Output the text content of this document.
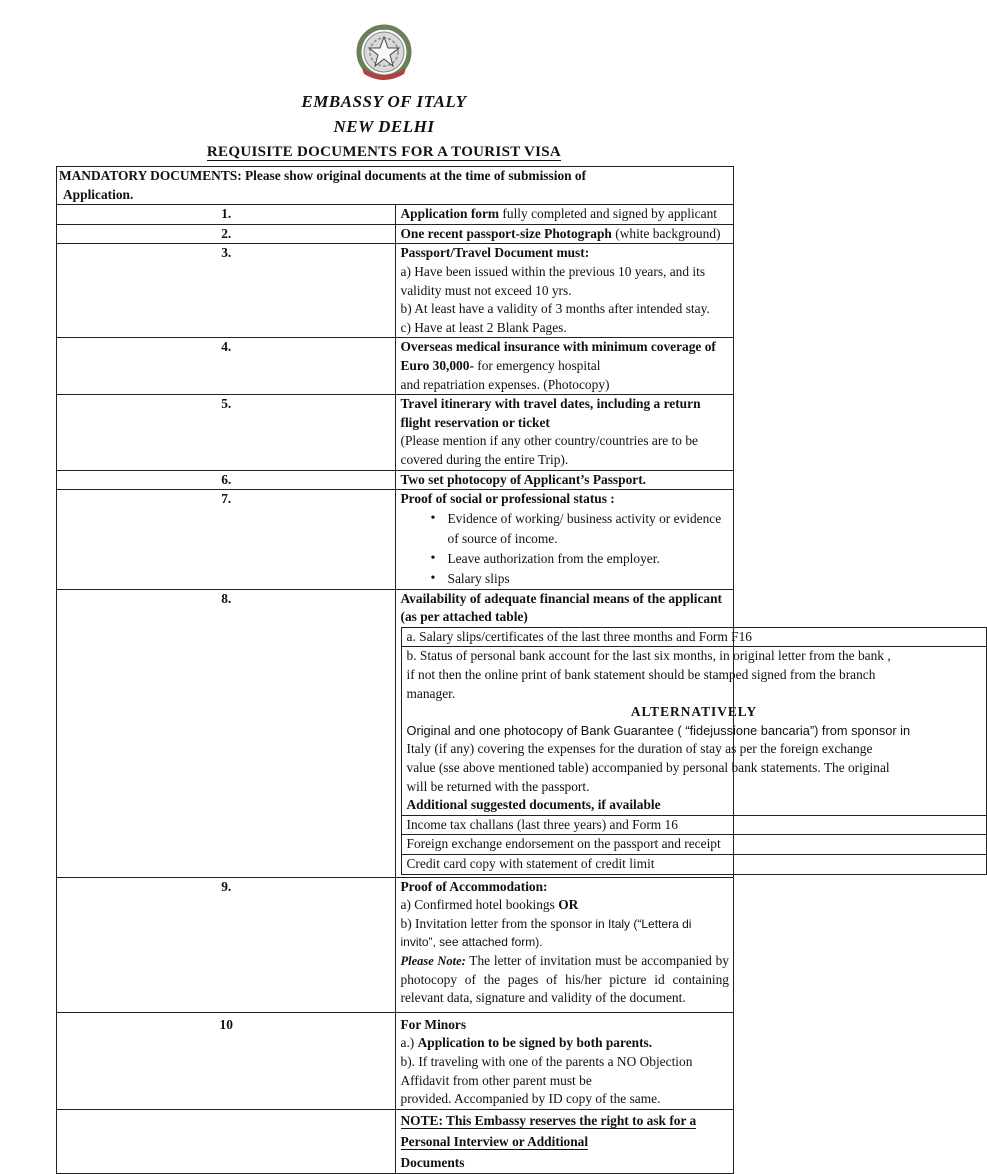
EMBASSY OF ITALY
NEW DELHI
REQUISITE DOCUMENTS FOR A TOURIST VISA
MANDATORY DOCUMENTS: Please show original documents at the time of submission of
Application.
1.	Application form fully completed and signed by applicant
2.	One recent passport-size Photograph (white background)
3.	Passport/Travel Document must:
a) Have been issued within the previous 10 years, and its validity must not exceed 10 yrs.
b) At least have a validity of 3 months after intended stay.
c) Have at least 2 Blank Pages.

4.	Overseas medical insurance with minimum coverage of Euro 30,000- for emergency hospital
and repatriation expenses. (Photocopy)

5.	Travel itinerary with travel dates, including a return flight reservation or ticket
(Please mention if any other country/countries are to be covered during the entire Trip).

6.	Two set photocopy of Applicant’s Passport.
7.	Proof of social or professional status :
• Evidence of working/ business activity or evidence of source of income.
• Leave authorization from the employer.
• Salary slips

8.	Availability of adequate financial means of the applicant (as per attached table)
a. Salary slips/certificates of the last three months and Form F16

b. Status of personal bank account for the last six months, in original letter from the bank ,
if not then the online print of bank statement should be stamped signed from the branch
manager.
ALTERNATIVELY
Original and one photocopy of Bank Guarantee ( “fidejussione bancaria”) from sponsor in
Italy (if any) covering the expenses for the duration of stay as per the foreign exchange
value (sse above mentioned table) accompanied by personal bank statements. The original
will be returned with the passport.
Additional suggested documents, if available

Income tax challans (last three years) and Form 16
Foreign exchange endorsement on the passport and receipt
Credit card copy with statement of credit limit

9.	Proof of Accommodation:
a) Confirmed hotel bookings OR
b) Invitation letter from the sponsor in Italy (“Lettera di invito”, see attached form).
Please Note: The letter of invitation must be accompanied by photocopy of the pages of his/her picture id containing relevant data, signature and validity of the document.

10	For Minors
a.) Application to be signed by both parents.
b). If traveling with one of the parents a NO Objection Affidavit from other parent must be
provided. Accompanied by ID copy of the same.

NOTE: This Embassy reserves the right to ask for a Personal Interview or Additional
Documents
